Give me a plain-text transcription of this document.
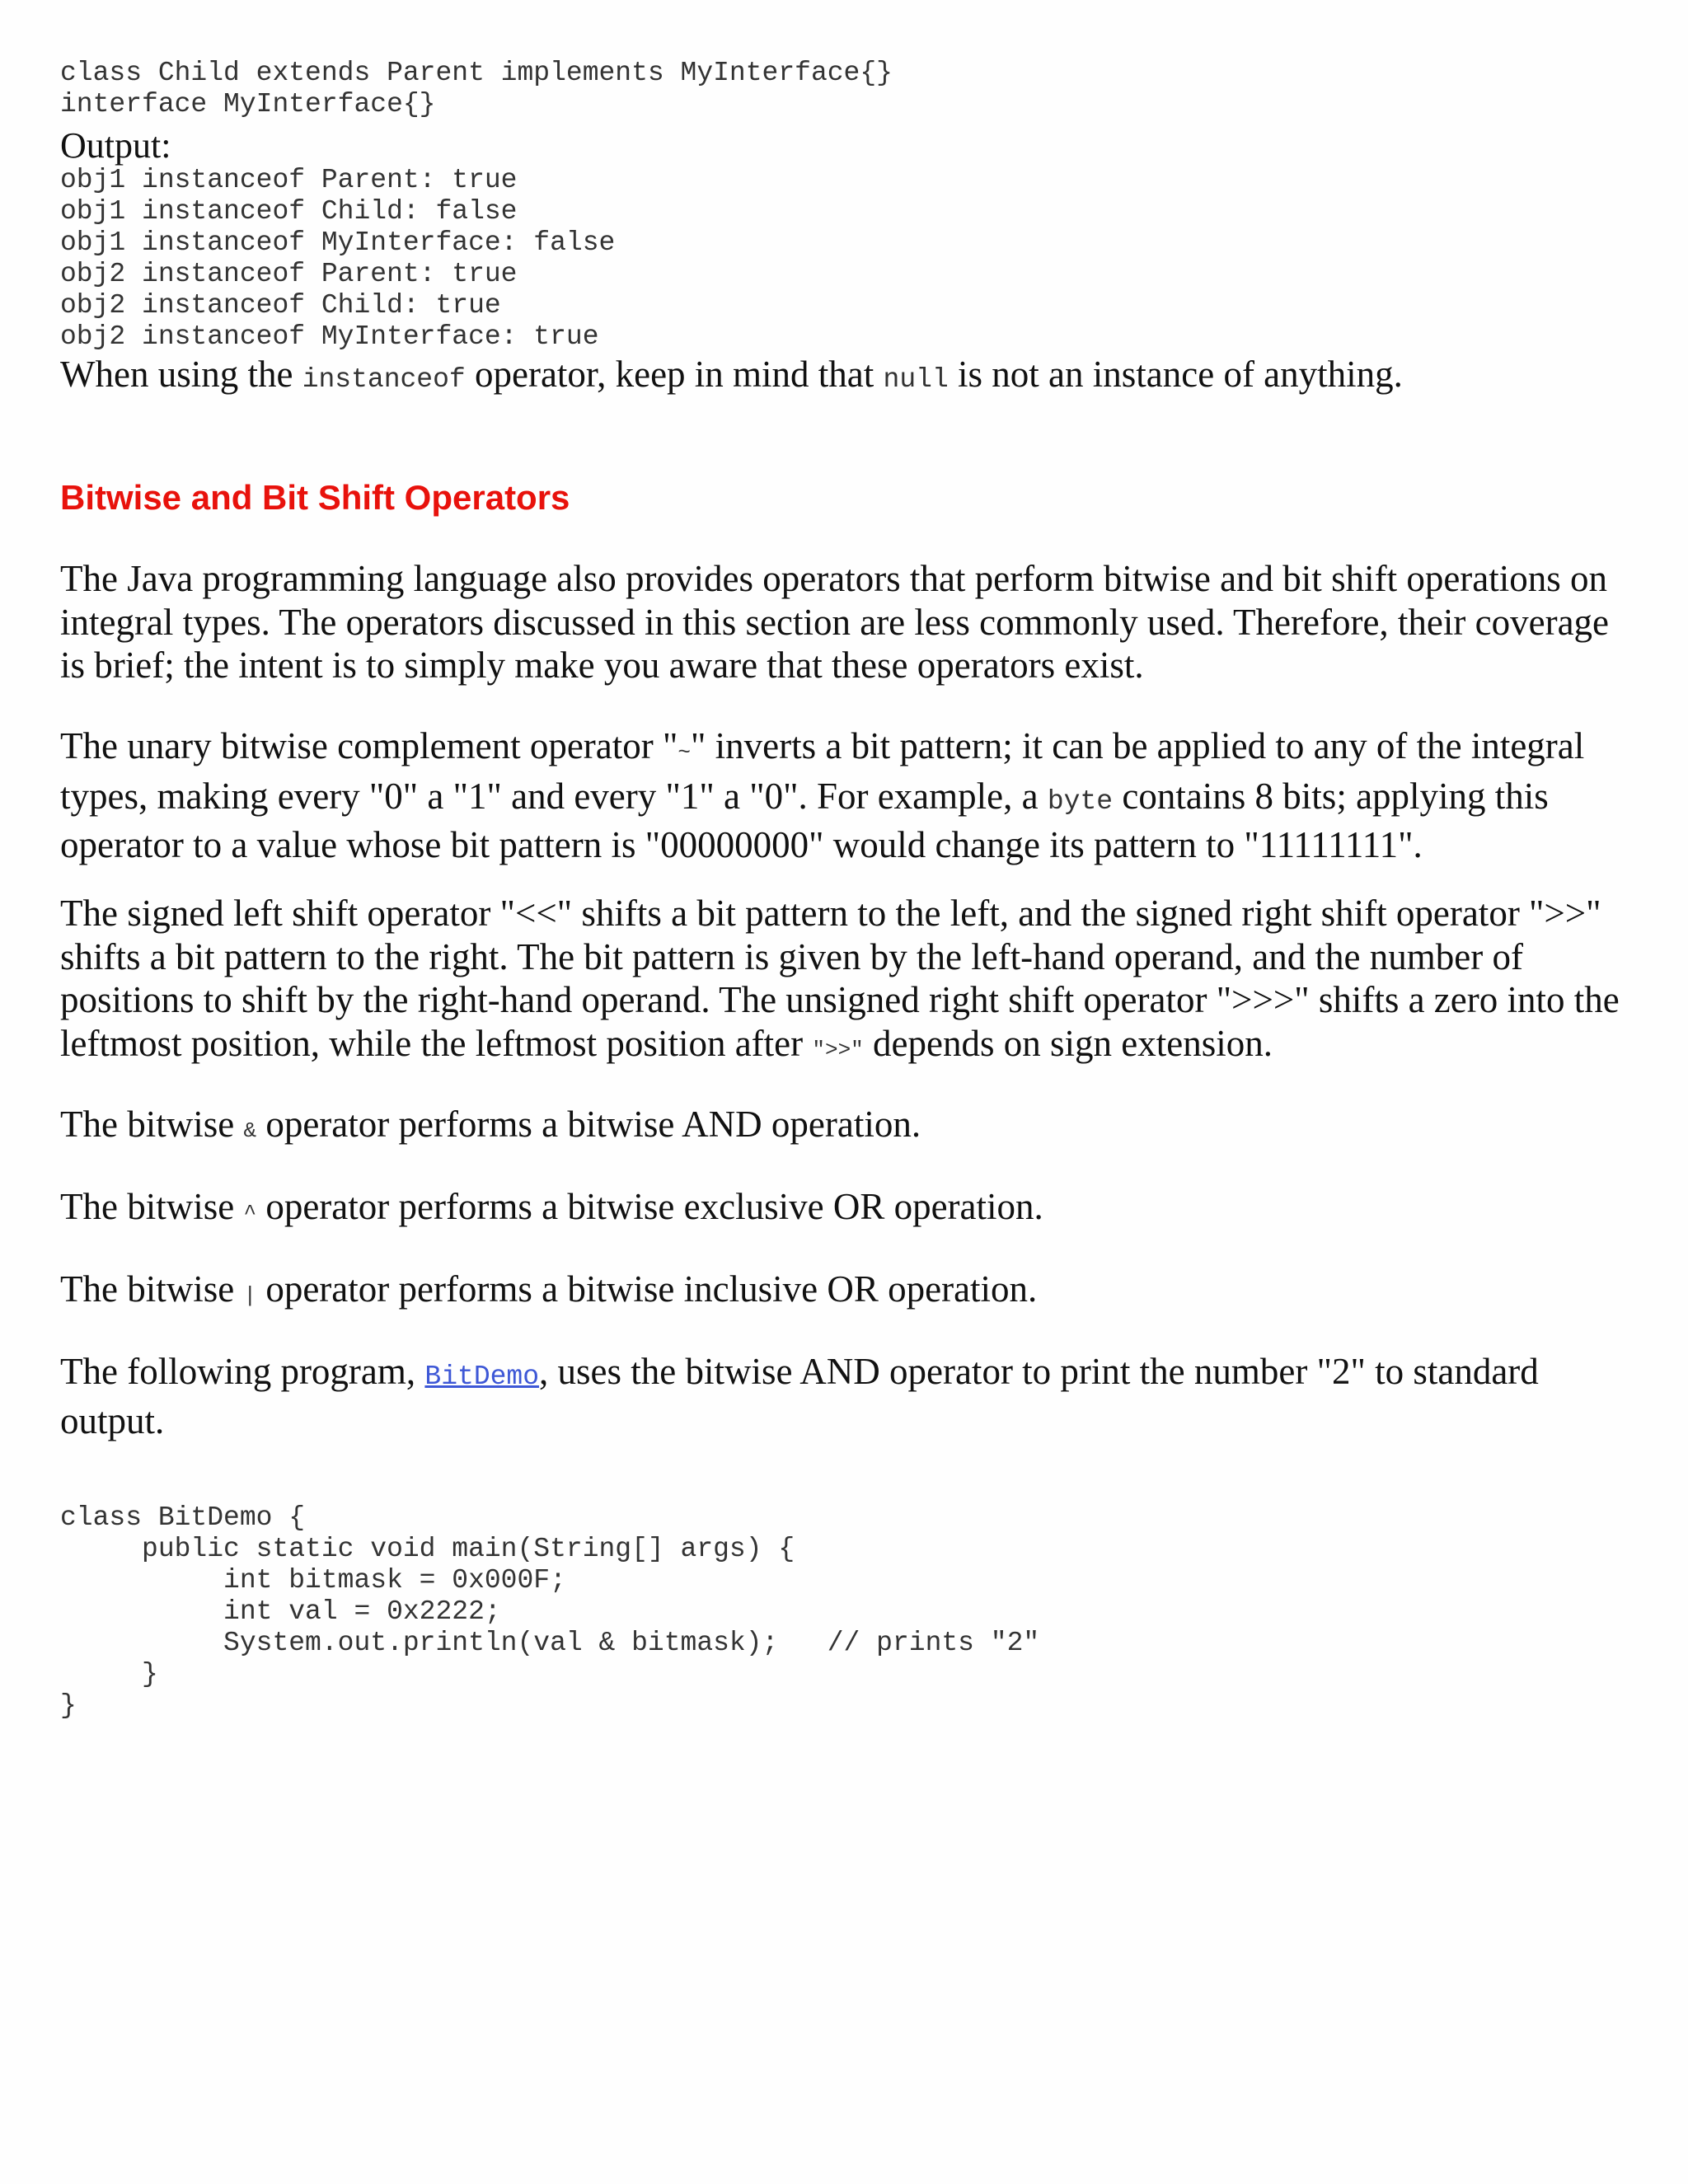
class Child extends Parent implements MyInterface{}
interface MyInterface{}

Output:

obj1 instanceof Parent: true
obj1 instanceof Child: false
obj1 instanceof MyInterface: false
obj2 instanceof Parent: true
obj2 instanceof Child: true
obj2 instanceof MyInterface: true

When using the instanceof operator, keep in mind that null is not an instance of anything.

Bitwise and Bit Shift Operators

The Java programming language also provides operators that perform bitwise and bit shift operations on integral types. The operators discussed in this section are less commonly used. Therefore, their coverage is brief; the intent is to simply make you aware that these operators exist.

The unary bitwise complement operator "~" inverts a bit pattern; it can be applied to any of the integral types, making every "0" a "1" and every "1" a "0". For example, a byte contains 8 bits; applying this operator to a value whose bit pattern is "00000000" would change its pattern to "11111111".

The signed left shift operator "<<" shifts a bit pattern to the left, and the signed right shift operator ">>" shifts a bit pattern to the right. The bit pattern is given by the left-hand operand, and the number of positions to shift by the right-hand operand. The unsigned right shift operator ">>>" shifts a zero into the leftmost position, while the leftmost position after ">>" depends on sign extension.

The bitwise & operator performs a bitwise AND operation.

The bitwise ^ operator performs a bitwise exclusive OR operation.

The bitwise | operator performs a bitwise inclusive OR operation.

The following program, BitDemo, uses the bitwise AND operator to print the number "2" to standard output.

class BitDemo {
public static void main(String[] args) {
int bitmask = 0x000F;
int val = 0x2222;
System.out.println(val & bitmask);   // prints "2"
}
}
